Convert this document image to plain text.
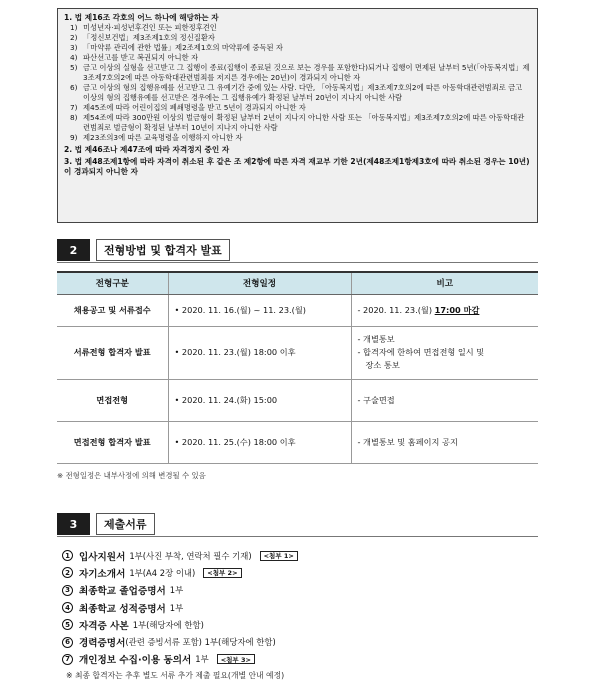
1. 법 제16조 각호의 어느 하나에 해당하는 자
1) 미성년자·피성년후견인 또는 피한정후견인
2) 「정신보건법」제3조제1호의 정신질환자
3) 「마약류 관리에 관한 법률」제2조제1호의 마약류에 중독된 자
4) 파산선고를 받고 복권되지 아니한 자
5) 금고 이상의 실형을 선고받고 그 집행이 종료(집행이 종료된 것으로 보는 경우를 포함한다)되거나 집행이 면제된 날부터 5년(「아동복지법」제3조제7호의2에 따른 아동학대관련범죄를 저지른 경우에는 20년)이 경과되지 아니한 자
6) 금고 이상의 형의 집행유예를 선고받고 그 유예기간 중에 있는 사람. 다만, 「아동복지법」제3조제7호의2에 따른 아동학대관련범죄로 금고 이상의 형의 집행유예를 선고받은 경우에는 그 집행유예가 확정된 날부터 20년이 지나지 아니한 사람
7) 제45조에 따라 어린이집의 폐쇄명령을 받고 5년이 경과되지 아니한 자
8) 제54조에 따라 300만원 이상의 벌금형이 확정된 날부터 2년이 지나지 아니한 사람 또는 「아동복지법」제3조제7호의2에 따른 아동학대관련범죄로 벌금형이 확정된 날부터 10년이 지나지 아니한 사람
9) 제23조의3에 따른 교육명령을 이행하지 아니한 자
2. 법 제46조나 제47조에 따라 자격정지 중인 자
3. 법 제48조제1항에 따라 자격이 취소된 후 같은 조 제2항에 따른 자격 재교부 기한 2년(제48조제1항제3호에 따라 취소된 경우는 10년)이 경과되지 아니한 자
2	전형방법 및 합격자 발표
전형구분	전형일정	비고
채용공고 및 서류접수	• 2020. 11. 16.(월) ~ 11. 23.(월)	- 2020. 11. 23.(월) 17:00 마감
서류전형 합격자 발표	• 2020. 11. 23.(월) 18:00 이후	- 개별통보
- 합격자에 한하여 면접전형 일시 및
장소 통보

면접전형	• 2020. 11. 24.(화) 15:00	- 구술면접

면접전형 합격자 발표	• 2020. 11. 25.(수) 18:00 이후	- 개별통보 및 홈페이지 공지
※ 전형일정은 내부사정에 의해 변경될 수 있음
3	제출서류
1 입사지원서 1부(사진 부착, 연락처 필수 기재)	<첨부 1>
2 자기소개서 1부(A4 2장 이내)	<첨부 2>
3 최종학교 졸업증명서 1부
4 최종학교 성적증명서 1부
5 자격증 사본 1부(해당자에 한함)
6 경력증명서 (관련 증빙서류 포함) 1부(해당자에 한함)
7 개인정보 수집·이용 동의서 1부	<첨부 3>
※ 최종 합격자는 추후 별도 서류 추가 제출 필요(개별 안내 예정)
